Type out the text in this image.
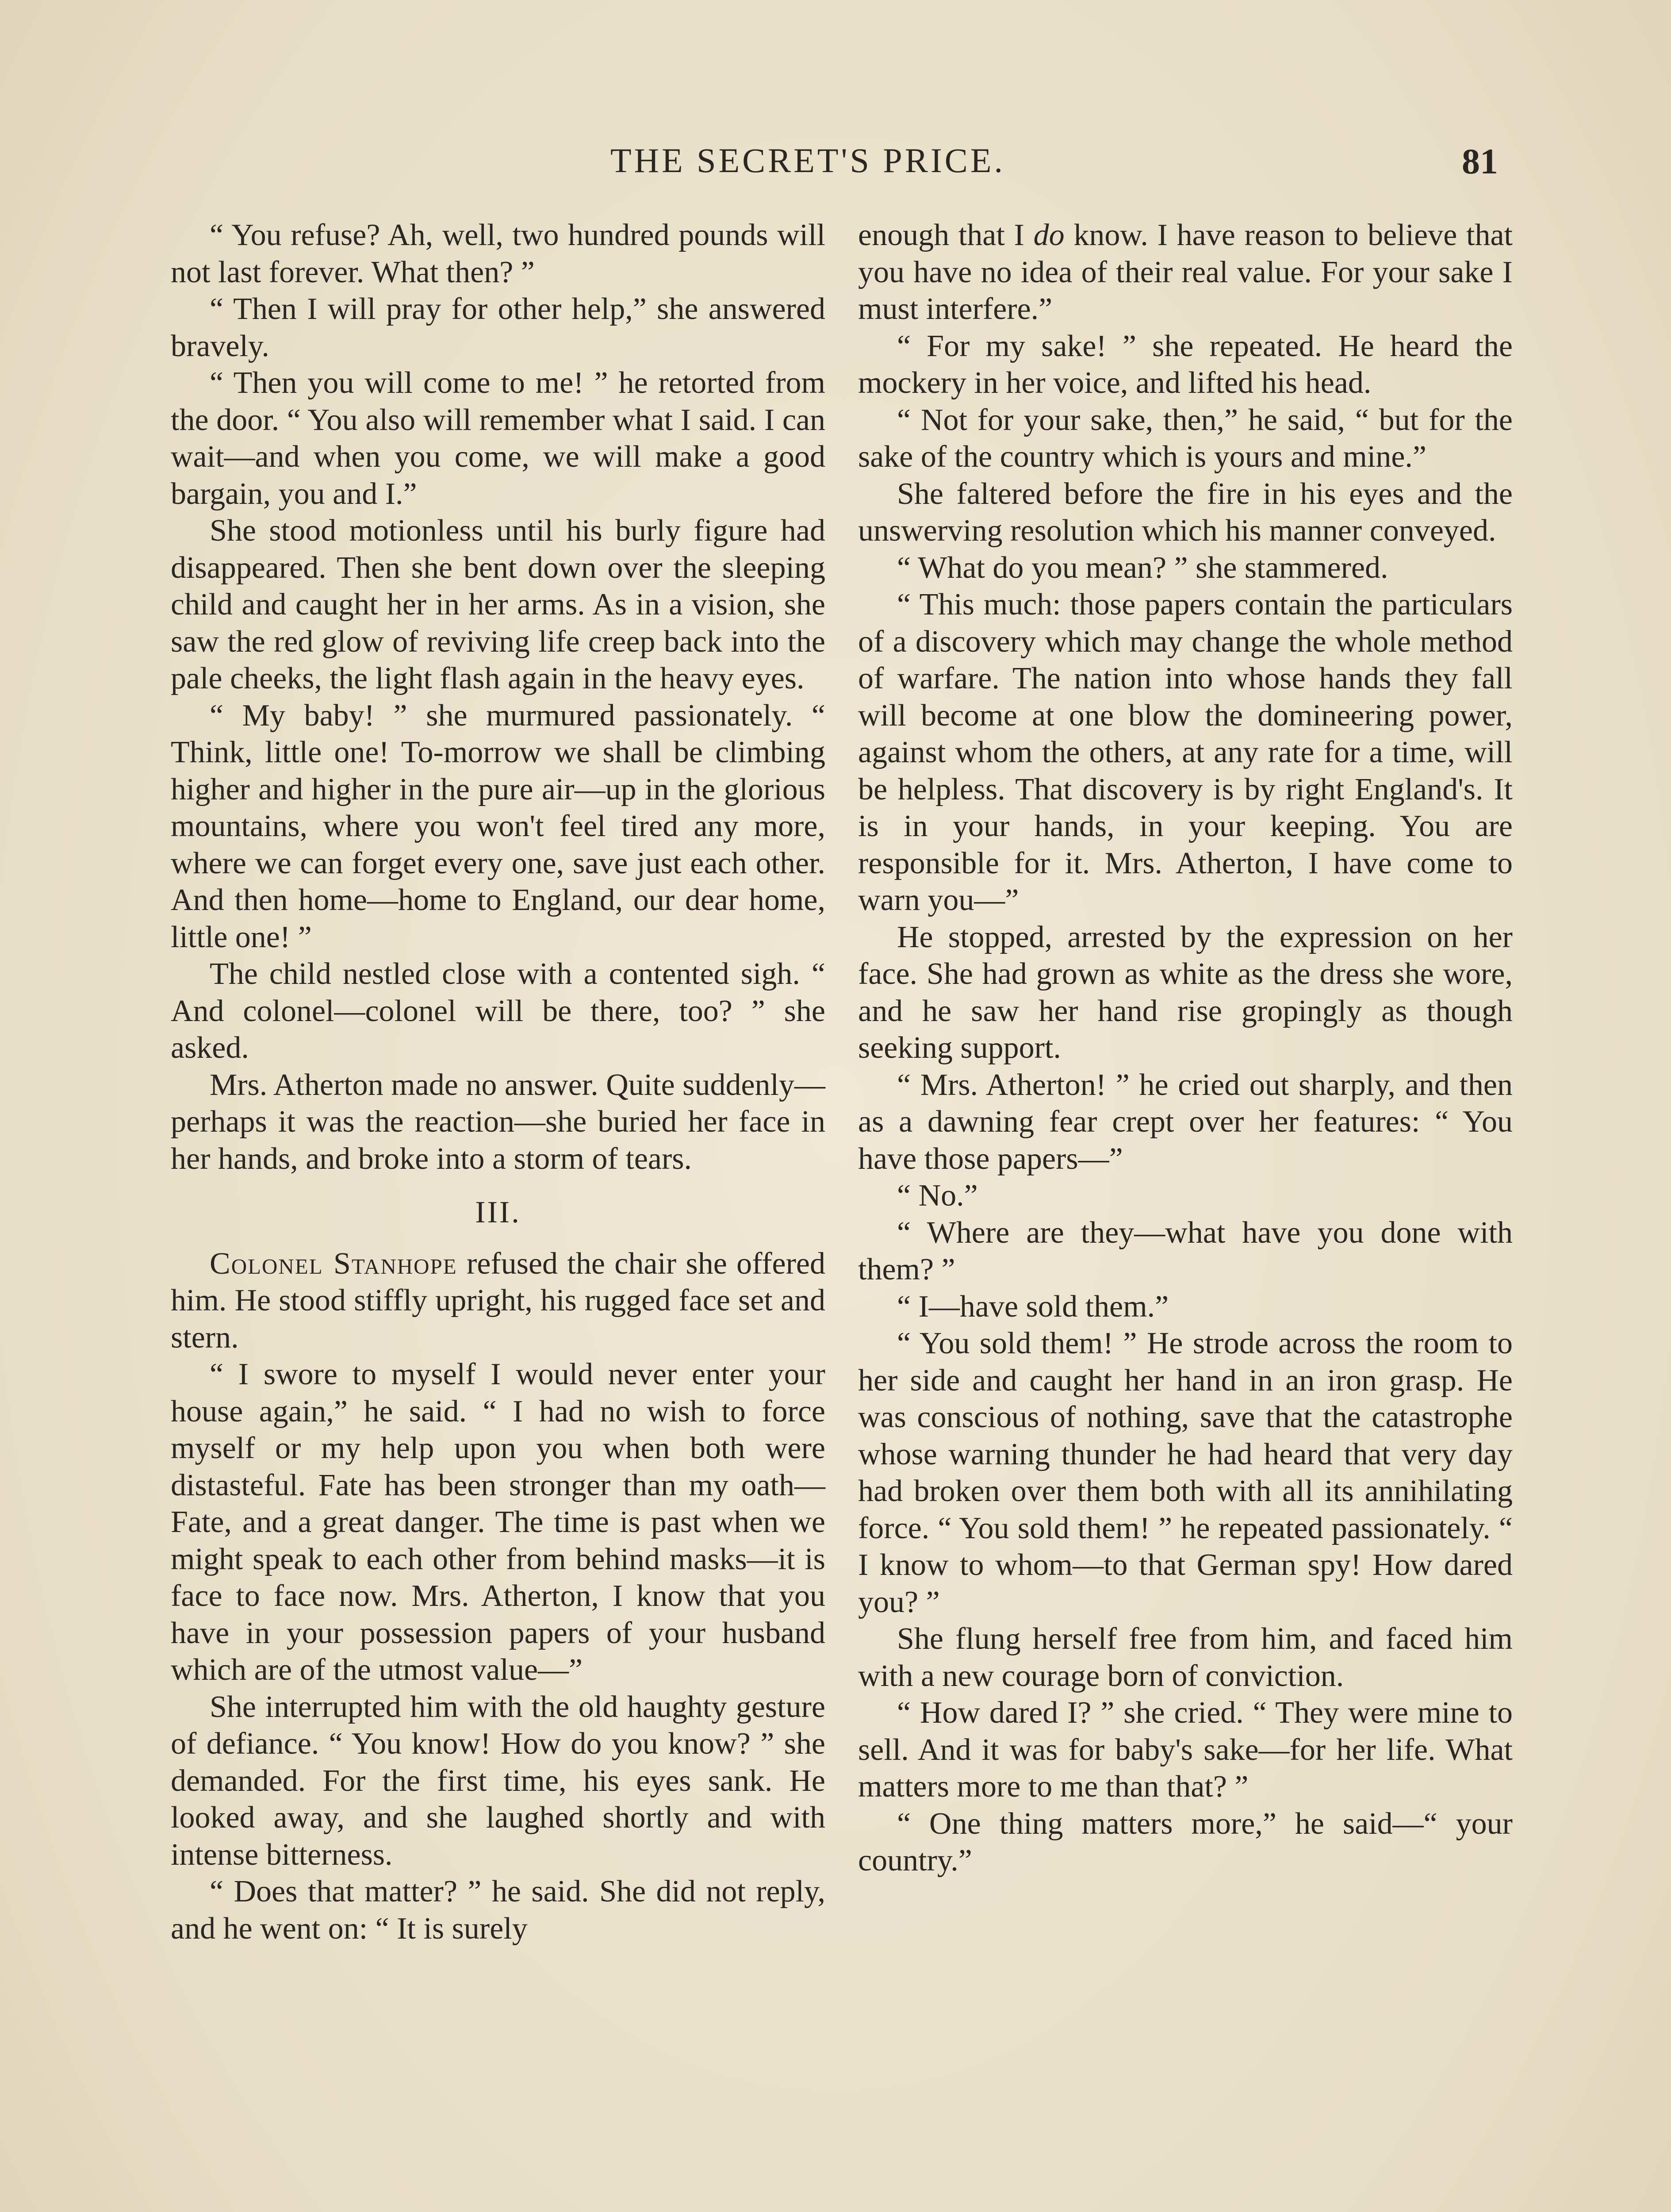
THE SECRET'S PRICE.	81

“ You refuse? Ah, well, two hundred pounds will not last forever. What then? ”

“ Then I will pray for other help,” she answered bravely.

“ Then you will come to me! ” he retorted from the door. “ You also will remember what I said. I can wait—and when you come, we will make a good bargain, you and I.”

She stood motionless until his burly figure had disappeared. Then she bent down over the sleeping child and caught her in her arms. As in a vision, she saw the red glow of reviving life creep back into the pale cheeks, the light flash again in the heavy eyes.

“ My baby! ” she murmured passionately. “ Think, little one! To-morrow we shall be climbing higher and higher in the pure air—up in the glorious mountains, where you won't feel tired any more, where we can forget every one, save just each other. And then home—home to England, our dear home, little one! ”

The child nestled close with a contented sigh. “ And colonel—colonel will be there, too? ” she asked.

Mrs. Atherton made no answer. Quite suddenly—perhaps it was the reaction—she buried her face in her hands, and broke into a storm of tears.

III.

Colonel Stanhope refused the chair she offered him. He stood stiffly upright, his rugged face set and stern.

“ I swore to myself I would never enter your house again,” he said. “ I had no wish to force myself or my help upon you when both were distasteful. Fate has been stronger than my oath—Fate, and a great danger. The time is past when we might speak to each other from behind masks—it is face to face now. Mrs. Atherton, I know that you have in your possession papers of your husband which are of the utmost value—”

She interrupted him with the old haughty gesture of defiance. “ You know! How do you know? ” she demanded. For the first time, his eyes sank. He looked away, and she laughed shortly and with intense bitterness.

“ Does that matter? ” he said. She did not reply, and he went on: “ It is surely

enough that I do know. I have reason to believe that you have no idea of their real value. For your sake I must interfere.”

“ For my sake! ” she repeated. He heard the mockery in her voice, and lifted his head.

“ Not for your sake, then,” he said, “ but for the sake of the country which is yours and mine.”

She faltered before the fire in his eyes and the unswerving resolution which his manner conveyed.

“ What do you mean? ” she stammered.

“ This much: those papers contain the particulars of a discovery which may change the whole method of warfare. The nation into whose hands they fall will become at one blow the domineering power, against whom the others, at any rate for a time, will be helpless. That discovery is by right England's. It is in your hands, in your keeping. You are responsible for it. Mrs. Atherton, I have come to warn you—”

He stopped, arrested by the expression on her face. She had grown as white as the dress she wore, and he saw her hand rise gropingly as though seeking support.

“ Mrs. Atherton! ” he cried out sharply, and then as a dawning fear crept over her features: “ You have those papers—”

“ No.”

“ Where are they—what have you done with them? ”

“ I—have sold them.”

“ You sold them! ” He strode across the room to her side and caught her hand in an iron grasp. He was conscious of nothing, save that the catastrophe whose warning thunder he had heard that very day had broken over them both with all its annihilating force. “ You sold them! ” he repeated passionately. “ I know to whom—to that German spy! How dared you? ”

She flung herself free from him, and faced him with a new courage born of conviction.

“ How dared I? ” she cried. “ They were mine to sell. And it was for baby's sake—for her life. What matters more to me than that? ”

“ One thing matters more,” he said—“ your country.”
